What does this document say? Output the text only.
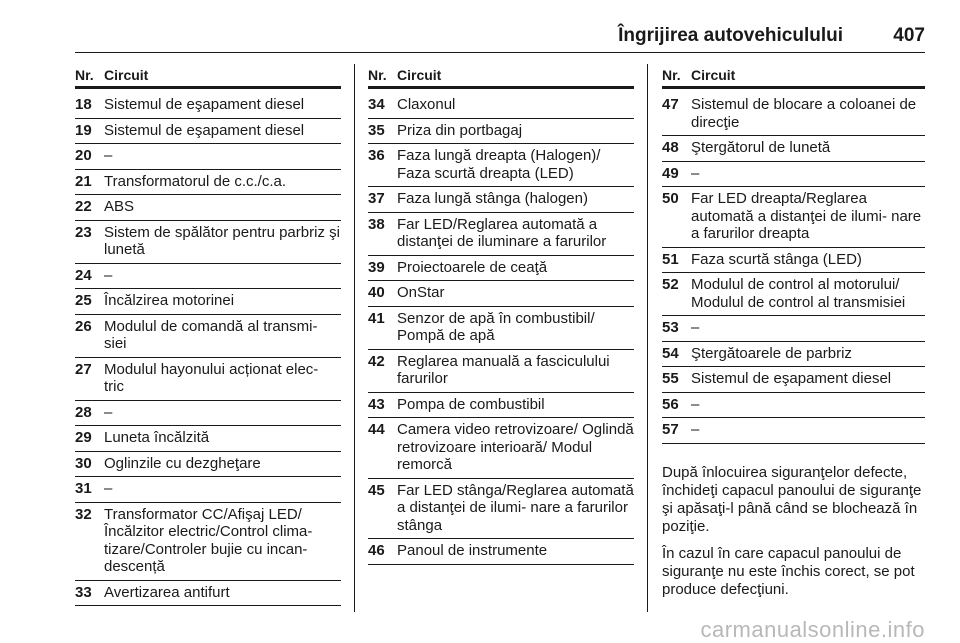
Îngrijirea autovehiculului	407
Nr. Circuit
18 Sistemul de eşapament diesel
19 Sistemul de eşapament diesel
20 –
21 Transformatorul de c.c./c.a.
22 ABS
23 Sistem de spălător pentru parbriz şi lunetă
24 –
25 Încălzirea motorinei
26 Modulul de comandă al transmi‐ siei
27 Modulul hayonului acționat elec‐ tric
28 –
29 Luneta încălzită
30 Oglinzile cu dezgheţare
31 –
32 Transformator CC/Afişaj LED/ Încălzitor electric/Control clima‐ tizare/Controler bujie cu incan‐ descență
33 Avertizarea antifurt
Nr. Circuit
34 Claxonul
35 Priza din portbagaj
36 Faza lungă dreapta (Halogen)/ Faza scurtă dreapta (LED)
37 Faza lungă stânga (halogen)
38 Far LED/Reglarea automată a distanţei de iluminare a farurilor
39 Proiectoarele de ceaţă
40 OnStar
41 Senzor de apă în combustibil/ Pompă de apă
42 Reglarea manuală a fasciculului farurilor
43 Pompa de combustibil
44 Camera video retrovizoare/ Oglindă retrovizoare interioară/ Modul remorcă
45 Far LED stânga/Reglarea automată a distanţei de ilumi‐ nare a farurilor stânga
46 Panoul de instrumente
Nr. Circuit
47 Sistemul de blocare a coloanei de direcţie
48 Ştergătorul de lunetă
49 –
50 Far LED dreapta/Reglarea automată a distanţei de ilumi‐ nare a farurilor dreapta
51 Faza scurtă stânga (LED)
52 Modulul de control al motorului/ Modulul de control al transmisiei
53 –
54 Ştergătoarele de parbriz
55 Sistemul de eşapament diesel
56 –
57 –

După înlocuirea siguranţelor defecte, închideţi capacul panoului de siguranţe şi apăsaţi-l până când se blochează în poziţie.

În cazul în care capacul panoului de siguranţe nu este închis corect, se pot produce defecţiuni.

carmanualsonline.info
